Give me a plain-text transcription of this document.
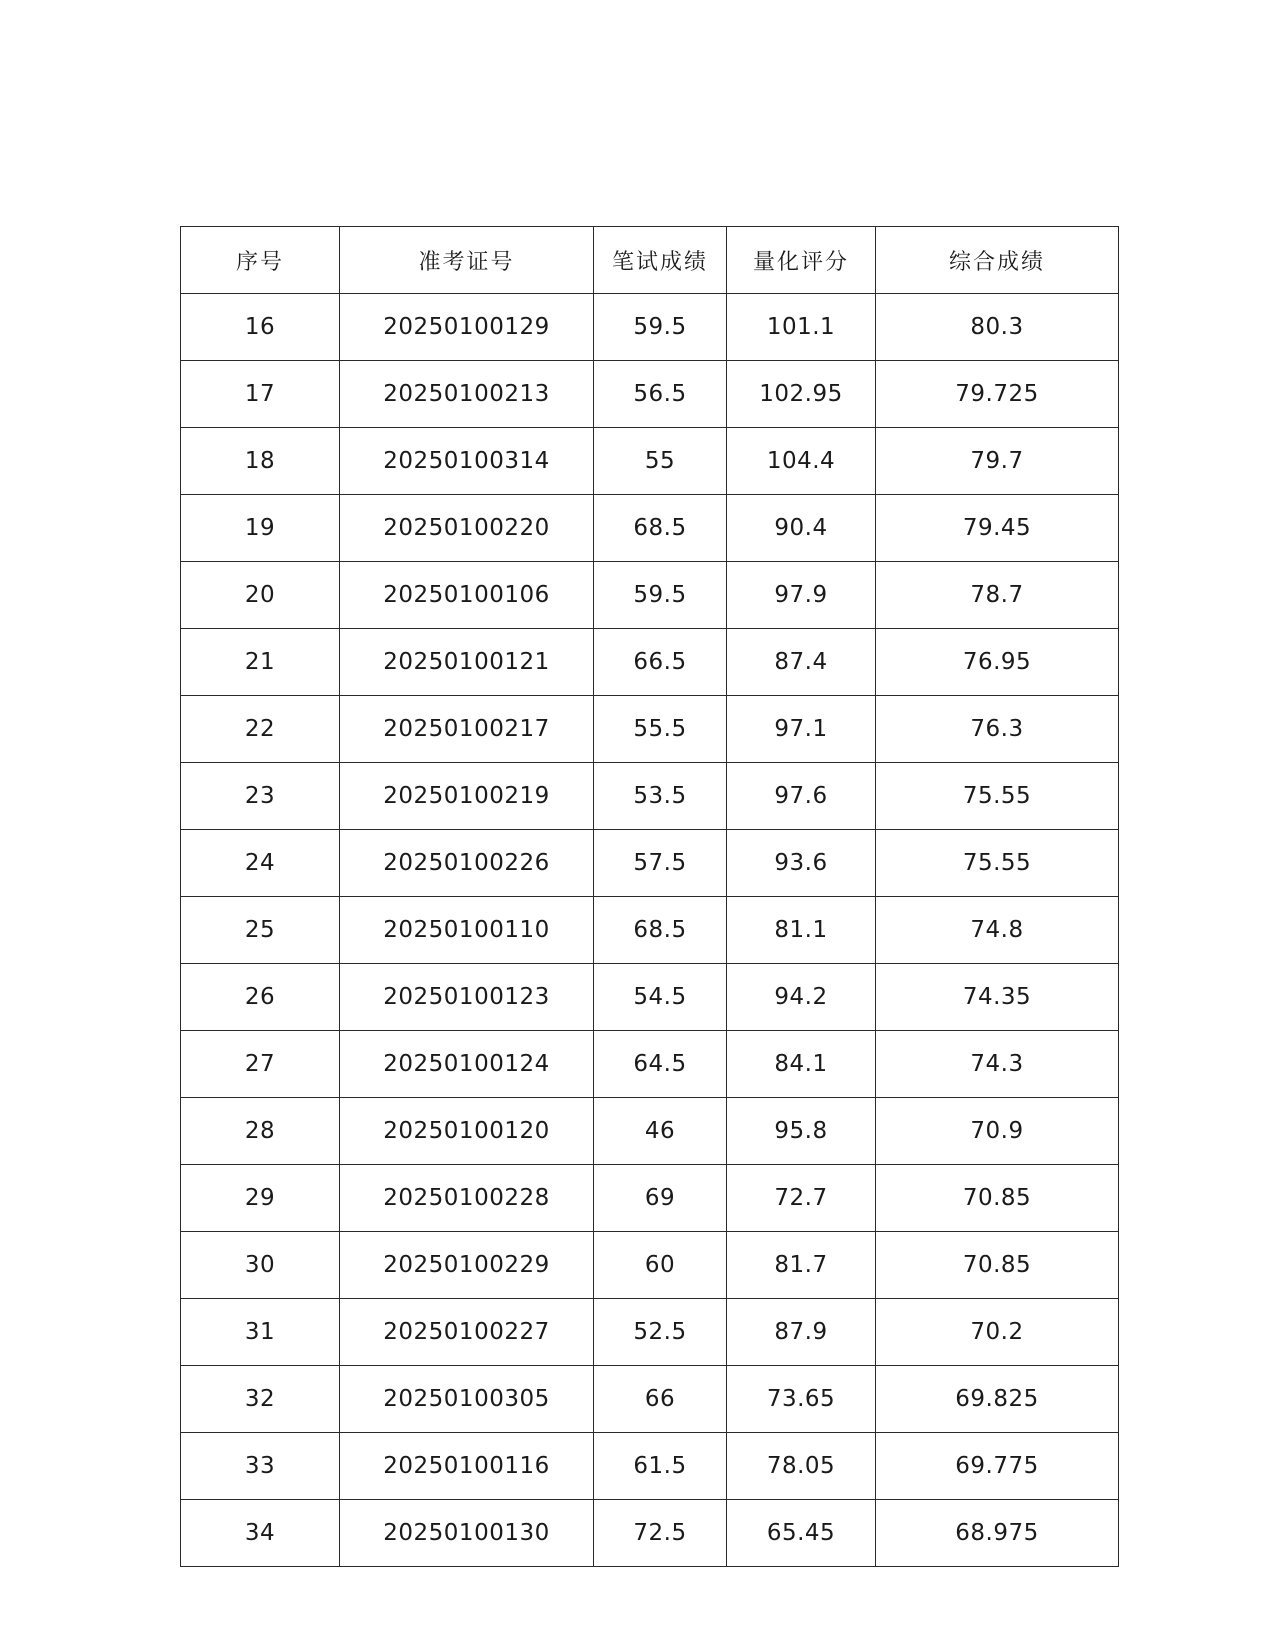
序号	准考证号	笔试成绩	量化评分	综合成绩
16	20250100129	59.5	101.1	80.3
17	20250100213	56.5	102.95	79.725
18	20250100314	55	104.4	79.7
19	20250100220	68.5	90.4	79.45
20	20250100106	59.5	97.9	78.7
21	20250100121	66.5	87.4	76.95
22	20250100217	55.5	97.1	76.3
23	20250100219	53.5	97.6	75.55
24	20250100226	57.5	93.6	75.55
25	20250100110	68.5	81.1	74.8
26	20250100123	54.5	94.2	74.35
27	20250100124	64.5	84.1	74.3
28	20250100120	46	95.8	70.9
29	20250100228	69	72.7	70.85
30	20250100229	60	81.7	70.85
31	20250100227	52.5	87.9	70.2
32	20250100305	66	73.65	69.825
33	20250100116	61.5	78.05	69.775
34	20250100130	72.5	65.45	68.975
